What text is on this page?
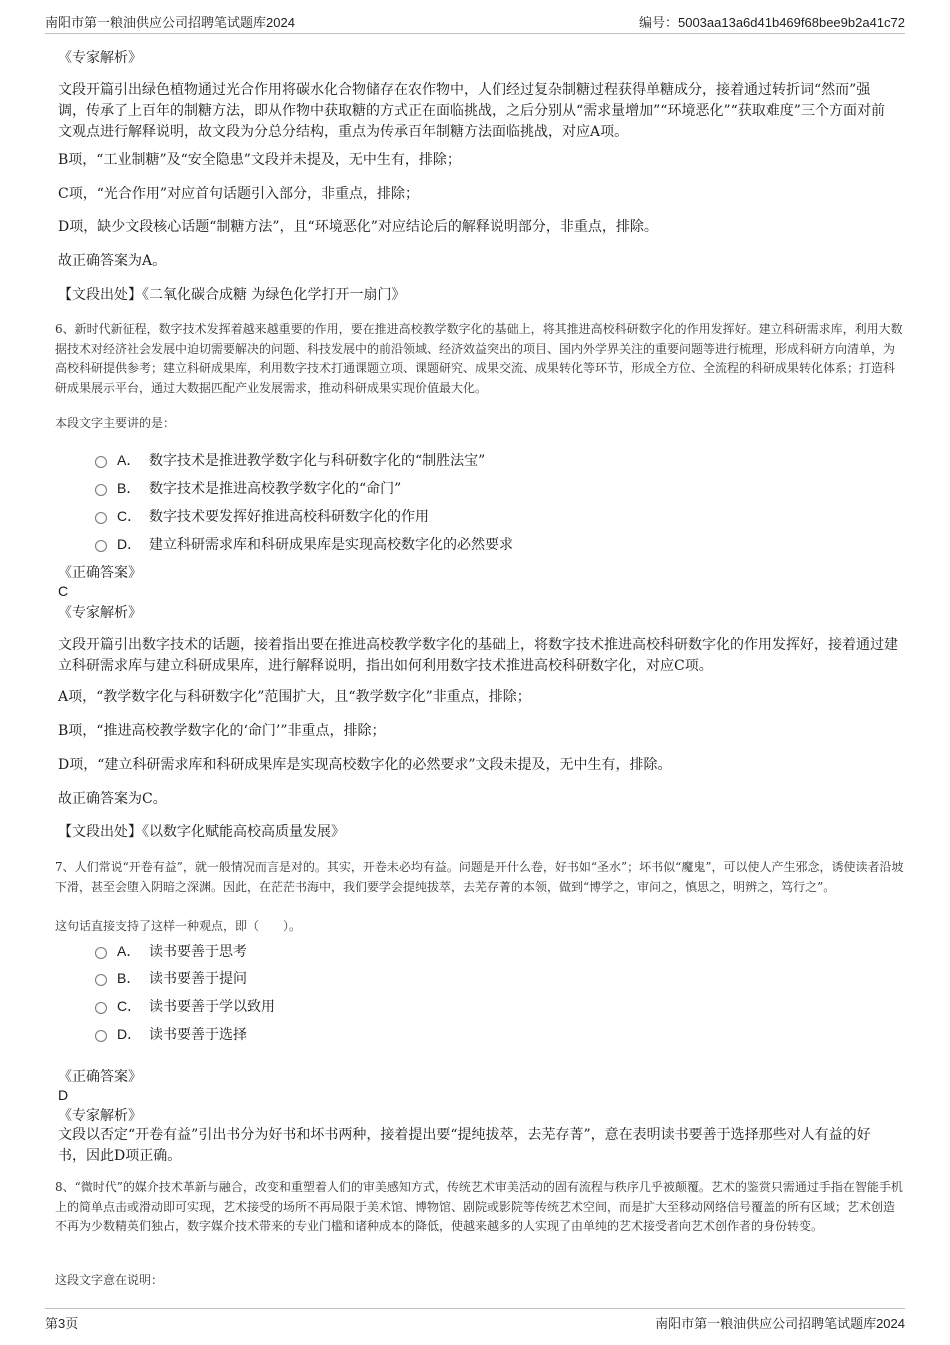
南阳市第一粮油供应公司招聘笔试题库2024	编号：5003aa13a6d41b469f68bee9b2a41c72

《专家解析》

文段开篇引出绿色植物通过光合作用将碳水化合物储存在农作物中，人们经过复杂制糖过程获得单糖成分，接着通过转折词“然而”强调，传承了上百年的制糖方法，即从作物中获取糖的方式正在面临挑战，之后分别从“需求量增加”“环境恶化”“获取难度”三个方面对前文观点进行解释说明，故文段为分总分结构，重点为传承百年制糖方法面临挑战，对应A项。

B项，“工业制糖”及“安全隐患”文段并未提及，无中生有，排除；

C项，“光合作用”对应首句话题引入部分，非重点，排除；

D项，缺少文段核心话题“制糖方法”，且“环境恶化”对应结论后的解释说明部分，非重点，排除。

故正确答案为A。

【文段出处】《二氧化碳合成糖 为绿色化学打开一扇门》

6、新时代新征程，数字技术发挥着越来越重要的作用，要在推进高校教学数字化的基础上，将其推进高校科研数字化的作用发挥好。建立科研需求库，利用大数据技术对经济社会发展中迫切需要解决的问题、科技发展中的前沿领域、经济效益突出的项目、国内外学界关注的重要问题等进行梳理，形成科研方向清单，为高校科研提供参考；建立科研成果库，利用数字技术打通课题立项、课题研究、成果交流、成果转化等环节，形成全方位、全流程的科研成果转化体系；打造科研成果展示平台，通过大数据匹配产业发展需求，推动科研成果实现价值最大化。

本段文字主要讲的是：

A． 数字技术是推进教学数字化与科研数字化的“制胜法宝”
B． 数字技术是推进高校教学数字化的“命门”
C． 数字技术要发挥好推进高校科研数字化的作用
D． 建立科研需求库和科研成果库是实现高校数字化的必然要求

《正确答案》

C

《专家解析》

文段开篇引出数字技术的话题，接着指出要在推进高校教学数字化的基础上，将数字技术推进高校科研数字化的作用发挥好，接着通过建立科研需求库与建立科研成果库，进行解释说明，指出如何利用数字技术推进高校科研数字化，对应C项。

A项，“教学数字化与科研数字化”范围扩大，且“教学数字化”非重点，排除；

B项，“推进高校教学数字化的‘命门’”非重点，排除；

D项，“建立科研需求库和科研成果库是实现高校数字化的必然要求”文段未提及，无中生有，排除。

故正确答案为C。

【文段出处】《以数字化赋能高校高质量发展》

7、人们常说“开卷有益”，就一般情况而言是对的。其实，开卷未必均有益。问题是开什么卷，好书如“圣水”；坏书似“魔鬼”，可以使人产生邪念，诱使读者沿坡下滑，甚至会堕入阴暗之深渊。因此，在茫茫书海中，我们要学会提纯拔萃，去芜存菁的本领，做到“博学之，审问之，慎思之，明辨之，笃行之”。

这句话直接支持了这样一种观点，即（　　）。

A． 读书要善于思考
B． 读书要善于提问
C． 读书要善于学以致用
D． 读书要善于选择

《正确答案》

D

《专家解析》

文段以否定“开卷有益”引出书分为好书和坏书两种，接着提出要“提纯拔萃，去芜存菁”，意在表明读书要善于选择那些对人有益的好书，因此D项正确。

8、“微时代”的媒介技术革新与融合，改变和重塑着人们的审美感知方式，传统艺术审美活动的固有流程与秩序几乎被颠覆。艺术的鉴赏只需通过手指在智能手机上的简单点击或滑动即可实现，艺术接受的场所不再局限于美术馆、博物馆、剧院或影院等传统艺术空间，而是扩大至移动网络信号覆盖的所有区域；艺术创造不再为少数精英们独占，数字媒介技术带来的专业门槛和诸种成本的降低，使越来越多的人实现了由单纯的艺术接受者向艺术创作者的身份转变。

这段文字意在说明：

第3页	南阳市第一粮油供应公司招聘笔试题库2024
